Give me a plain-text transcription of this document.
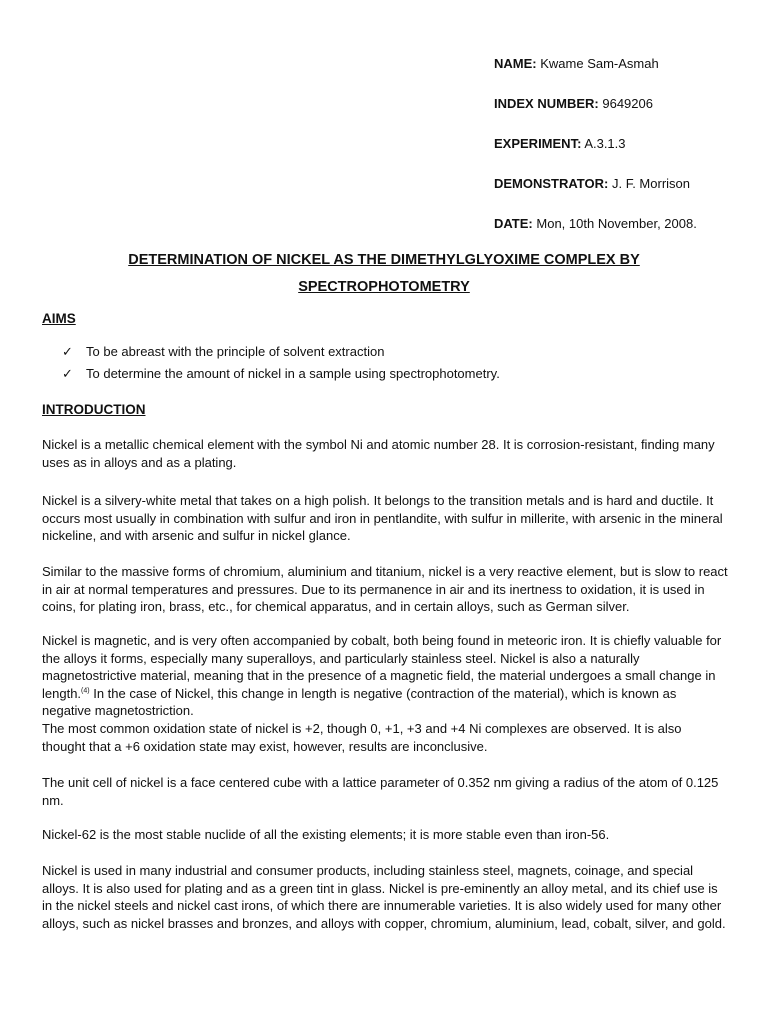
NAME: Kwame Sam-Asmah
INDEX NUMBER: 9649206
EXPERIMENT: A.3.1.3
DEMONSTRATOR: J. F. Morrison
DATE: Mon, 10th November, 2008.
DETERMINATION OF NICKEL AS THE DIMETHYLGLYOXIME COMPLEX BY
SPECTROPHOTOMETRY
AIMS
✓	To be abreast with the principle of solvent extraction
✓	To determine the amount of nickel in a sample using spectrophotometry.
INTRODUCTION

Nickel is a metallic chemical element with the symbol Ni and atomic number 28. It is corrosion-resistant, finding many uses as in alloys and as a plating.

Nickel is a silvery-white metal that takes on a high polish. It belongs to the transition metals and is hard and ductile. It occurs most usually in combination with sulfur and iron in pentlandite, with sulfur in millerite, with arsenic in the mineral nickeline, and with arsenic and sulfur in nickel glance.

Similar to the massive forms of chromium, aluminium and titanium, nickel is a very reactive element, but is slow to react in air at normal temperatures and pressures. Due to its permanence in air and its inertness to oxidation, it is used in coins, for plating iron, brass, etc., for chemical apparatus, and in certain alloys, such as German silver.

Nickel is magnetic, and is very often accompanied by cobalt, both being found in meteoric iron. It is chiefly valuable for the alloys it forms, especially many superalloys, and particularly stainless steel. Nickel is also a naturally magnetostrictive material, meaning that in the presence of a magnetic field, the material undergoes a small change in length.$^{(4)}$ In the case of Nickel, this change in length is negative (contraction of the material), which is known as negative magnetostriction.

The most common oxidation state of nickel is +2, though 0, +1, +3 and +4 Ni complexes are observed. It is also thought that a +6 oxidation state may exist, however, results are inconclusive.

The unit cell of nickel is a face centered cube with a lattice parameter of 0.352 nm giving a radius of the atom of 0.125 nm.

Nickel-62 is the most stable nuclide of all the existing elements; it is more stable even than iron-56.

Nickel is used in many industrial and consumer products, including stainless steel, magnets, coinage, and special alloys. It is also used for plating and as a green tint in glass. Nickel is pre-eminently an alloy metal, and its chief use is in the nickel steels and nickel cast irons, of which there are innumerable varieties. It is also widely used for many other alloys, such as nickel brasses and bronzes, and alloys with copper, chromium, aluminium, lead, cobalt, silver, and gold.
